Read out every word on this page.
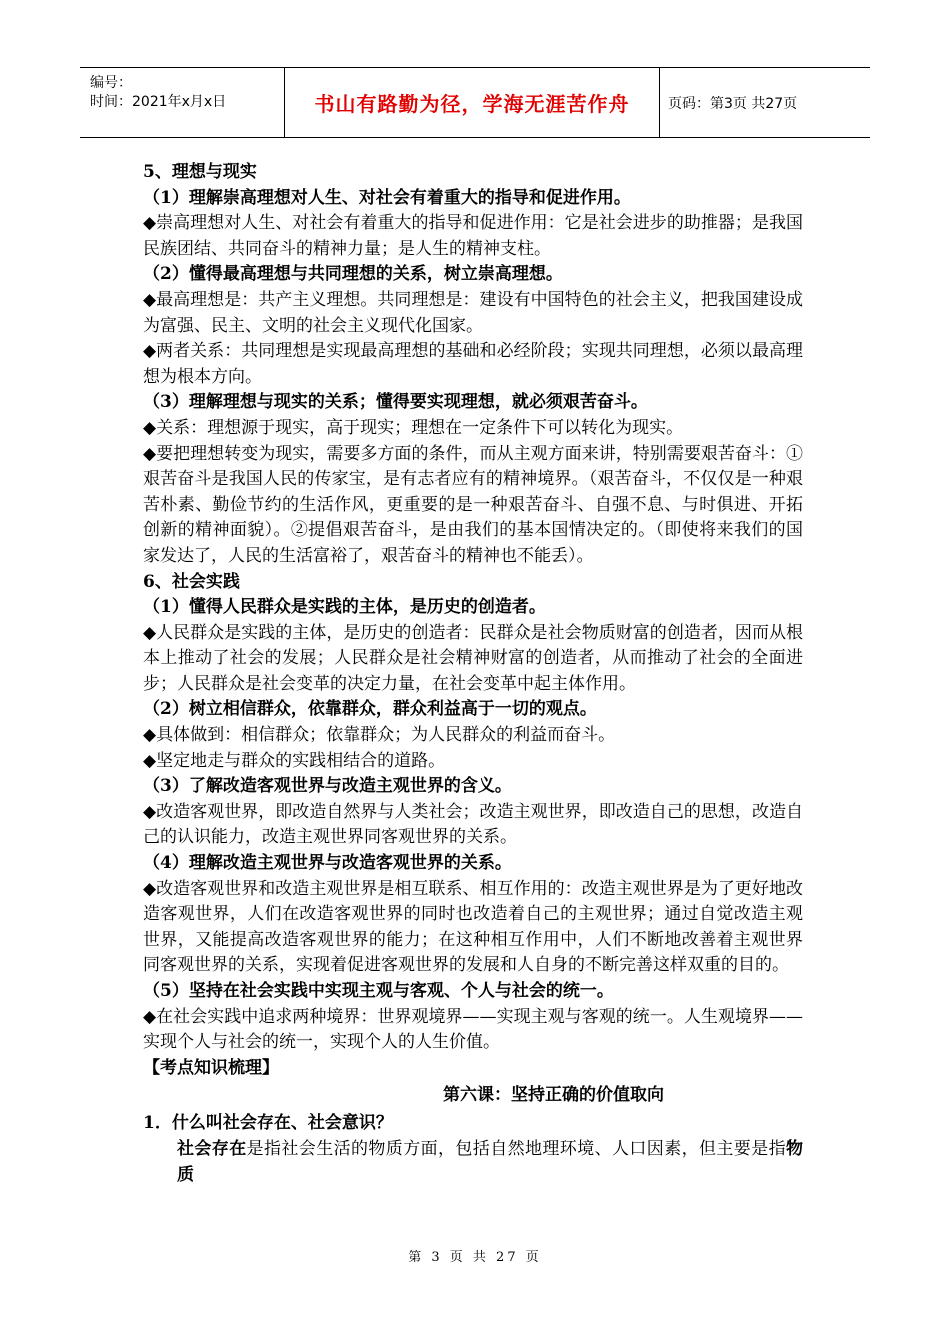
编号：
时间：2021年x月x日	书山有路勤为径，学海无涯苦作舟	页码：第3页 共27页

5、理想与现实

（1）理解崇高理想对人生、对社会有着重大的指导和促进作用。

◆崇高理想对人生、对社会有着重大的指导和促进作用：它是社会进步的助推器；是我国民族团结、共同奋斗的精神力量；是人生的精神支柱。

（2）懂得最高理想与共同理想的关系，树立崇高理想。

◆最高理想是：共产主义理想。共同理想是：建设有中国特色的社会主义，把我国建设成为富强、民主、文明的社会主义现代化国家。

◆两者关系：共同理想是实现最高理想的基础和必经阶段；实现共同理想，必须以最高理想为根本方向。

（3）理解理想与现实的关系；懂得要实现理想，就必须艰苦奋斗。

◆关系：理想源于现实，高于现实；理想在一定条件下可以转化为现实。

◆要把理想转变为现实，需要多方面的条件，而从主观方面来讲，特别需要艰苦奋斗：①艰苦奋斗是我国人民的传家宝，是有志者应有的精神境界。（艰苦奋斗，不仅仅是一种艰苦朴素、勤俭节约的生活作风，更重要的是一种艰苦奋斗、自强不息、与时俱进、开拓创新的精神面貌）。②提倡艰苦奋斗，是由我们的基本国情决定的。（即使将来我们的国家发达了，人民的生活富裕了，艰苦奋斗的精神也不能丢）。

6、社会实践

（1）懂得人民群众是实践的主体，是历史的创造者。

◆人民群众是实践的主体，是历史的创造者：民群众是社会物质财富的创造者，因而从根本上推动了社会的发展；人民群众是社会精神财富的创造者，从而推动了社会的全面进步；人民群众是社会变革的决定力量，在社会变革中起主体作用。

（2）树立相信群众，依靠群众，群众利益高于一切的观点。

◆具体做到：相信群众；依靠群众；为人民群众的利益而奋斗。

◆坚定地走与群众的实践相结合的道路。

（3）了解改造客观世界与改造主观世界的含义。

◆改造客观世界，即改造自然界与人类社会；改造主观世界，即改造自己的思想，改造自己的认识能力，改造主观世界同客观世界的关系。

（4）理解改造主观世界与改造客观世界的关系。

◆改造客观世界和改造主观世界是相互联系、相互作用的：改造主观世界是为了更好地改造客观世界，人们在改造客观世界的同时也改造着自己的主观世界；通过自觉改造主观世界，又能提高改造客观世界的能力；在这种相互作用中，人们不断地改善着主观世界同客观世界的关系，实现着促进客观世界的发展和人自身的不断完善这样双重的目的。

（5）坚持在社会实践中实现主观与客观、个人与社会的统一。

◆在社会实践中追求两种境界：世界观境界——实现主观与客观的统一。人生观境界——实现个人与社会的统一，实现个人的人生价值。

【考点知识梳理】

第六课：坚持正确的价值取向

1．什么叫社会存在、社会意识？

社会存在是指社会生活的物质方面，包括自然地理环境、人口因素，但主要是指物质

第 3 页 共 27 页
